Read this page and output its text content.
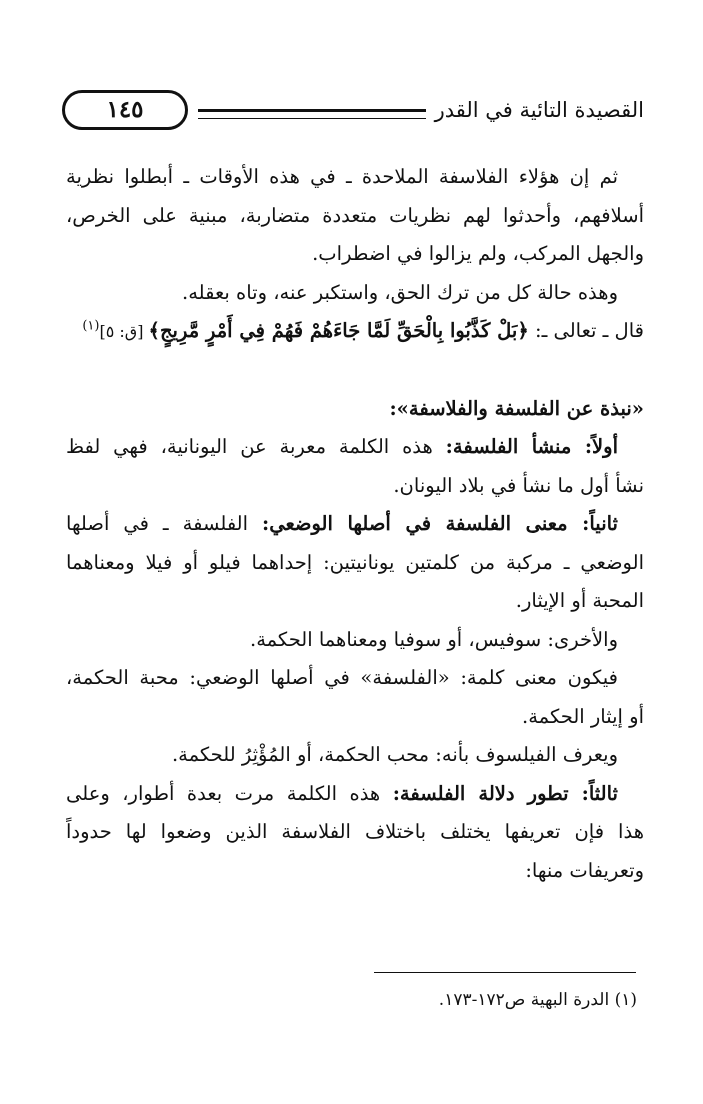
القصيدة التائية في القدر
١٤٥
ثم إن هؤلاء الفلاسفة الملاحدة ـ في هذه الأوقات ـ أبطلوا نظرية
أسلافهم، وأحدثوا لهم نظريات متعددة متضاربة، مبنية على الخرص،
والجهل المركب، ولم يزالوا في اضطراب.
وهذه حالة كل من ترك الحق، واستكبر عنه، وتاه بعقله.
قال ـ تعالى ـ: ﴿بَلْ كَذَّبُوا بِالْحَقِّ لَمَّا جَاءَهُمْ فَهُمْ فِي أَمْرٍ مَّرِيجٍ﴾ [ق: ٥]$^{(١)}$
«نبذة عن الفلسفة والفلاسفة»:
أولاً: منشأ الفلسفة: هذه الكلمة معربة عن اليونانية، فهي لفظ
نشأ أول ما نشأ في بلاد اليونان.
ثانياً: معنى الفلسفة في أصلها الوضعي: الفلسفة ـ في أصلها
الوضعي ـ مركبة من كلمتين يونانيتين: إحداهما فيلو أو فيلا ومعناهما
المحبة أو الإيثار.
والأخرى: سوفيس، أو سوفيا ومعناهما الحكمة.
فيكون معنى كلمة: «الفلسفة» في أصلها الوضعي: محبة الحكمة،
أو إيثار الحكمة.
ويعرف الفيلسوف بأنه: محب الحكمة، أو المُؤْثِرُ للحكمة.
ثالثاً: تطور دلالة الفلسفة: هذه الكلمة مرت بعدة أطوار، وعلى
هذا فإن تعريفها يختلف باختلاف الفلاسفة الذين وضعوا لها حدوداً
وتعريفات منها:
(١) الدرة البهية ص١٧٢-١٧٣.
